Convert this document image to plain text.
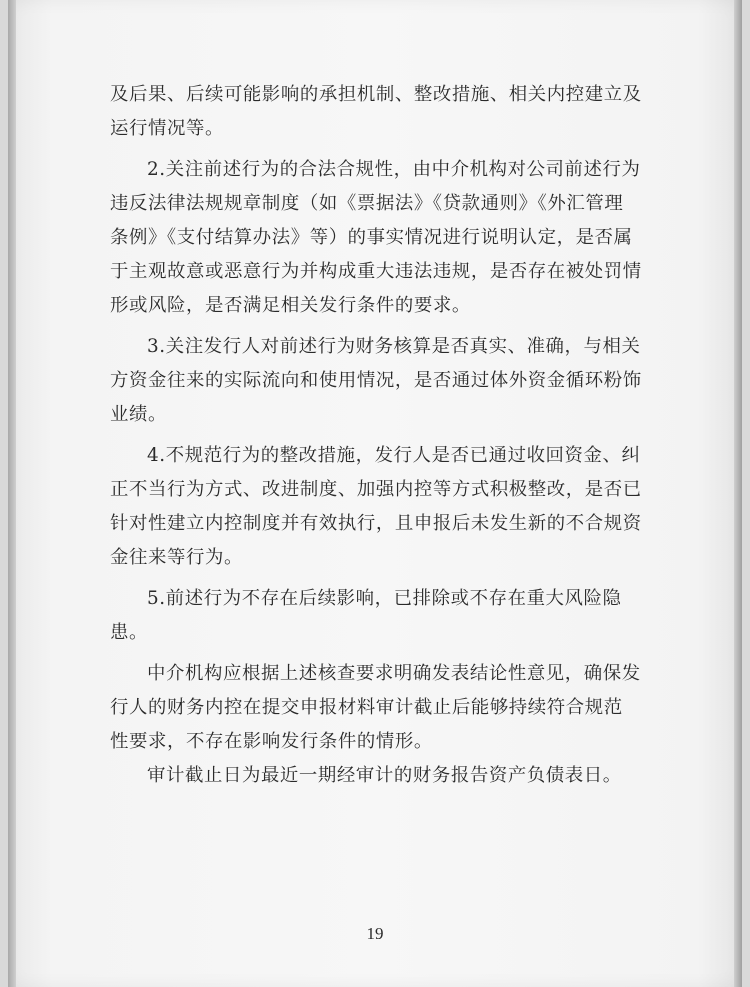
及后果、后续可能影响的承担机制、整改措施、相关内控建立及
运行情况等。
2.关注前述行为的合法合规性，由中介机构对公司前述行为
违反法律法规规章制度（如《票据法》《贷款通则》《外汇管理
条例》《支付结算办法》等）的事实情况进行说明认定，是否属
于主观故意或恶意行为并构成重大违法违规，是否存在被处罚情
形或风险，是否满足相关发行条件的要求。
3.关注发行人对前述行为财务核算是否真实、准确，与相关
方资金往来的实际流向和使用情况，是否通过体外资金循环粉饰
业绩。
4.不规范行为的整改措施，发行人是否已通过收回资金、纠
正不当行为方式、改进制度、加强内控等方式积极整改，是否已
针对性建立内控制度并有效执行，且申报后未发生新的不合规资
金往来等行为。
5.前述行为不存在后续影响，已排除或不存在重大风险隐
患。
中介机构应根据上述核查要求明确发表结论性意见，确保发
行人的财务内控在提交申报材料审计截止后能够持续符合规范
性要求，不存在影响发行条件的情形。
审计截止日为最近一期经审计的财务报告资产负债表日。
19
